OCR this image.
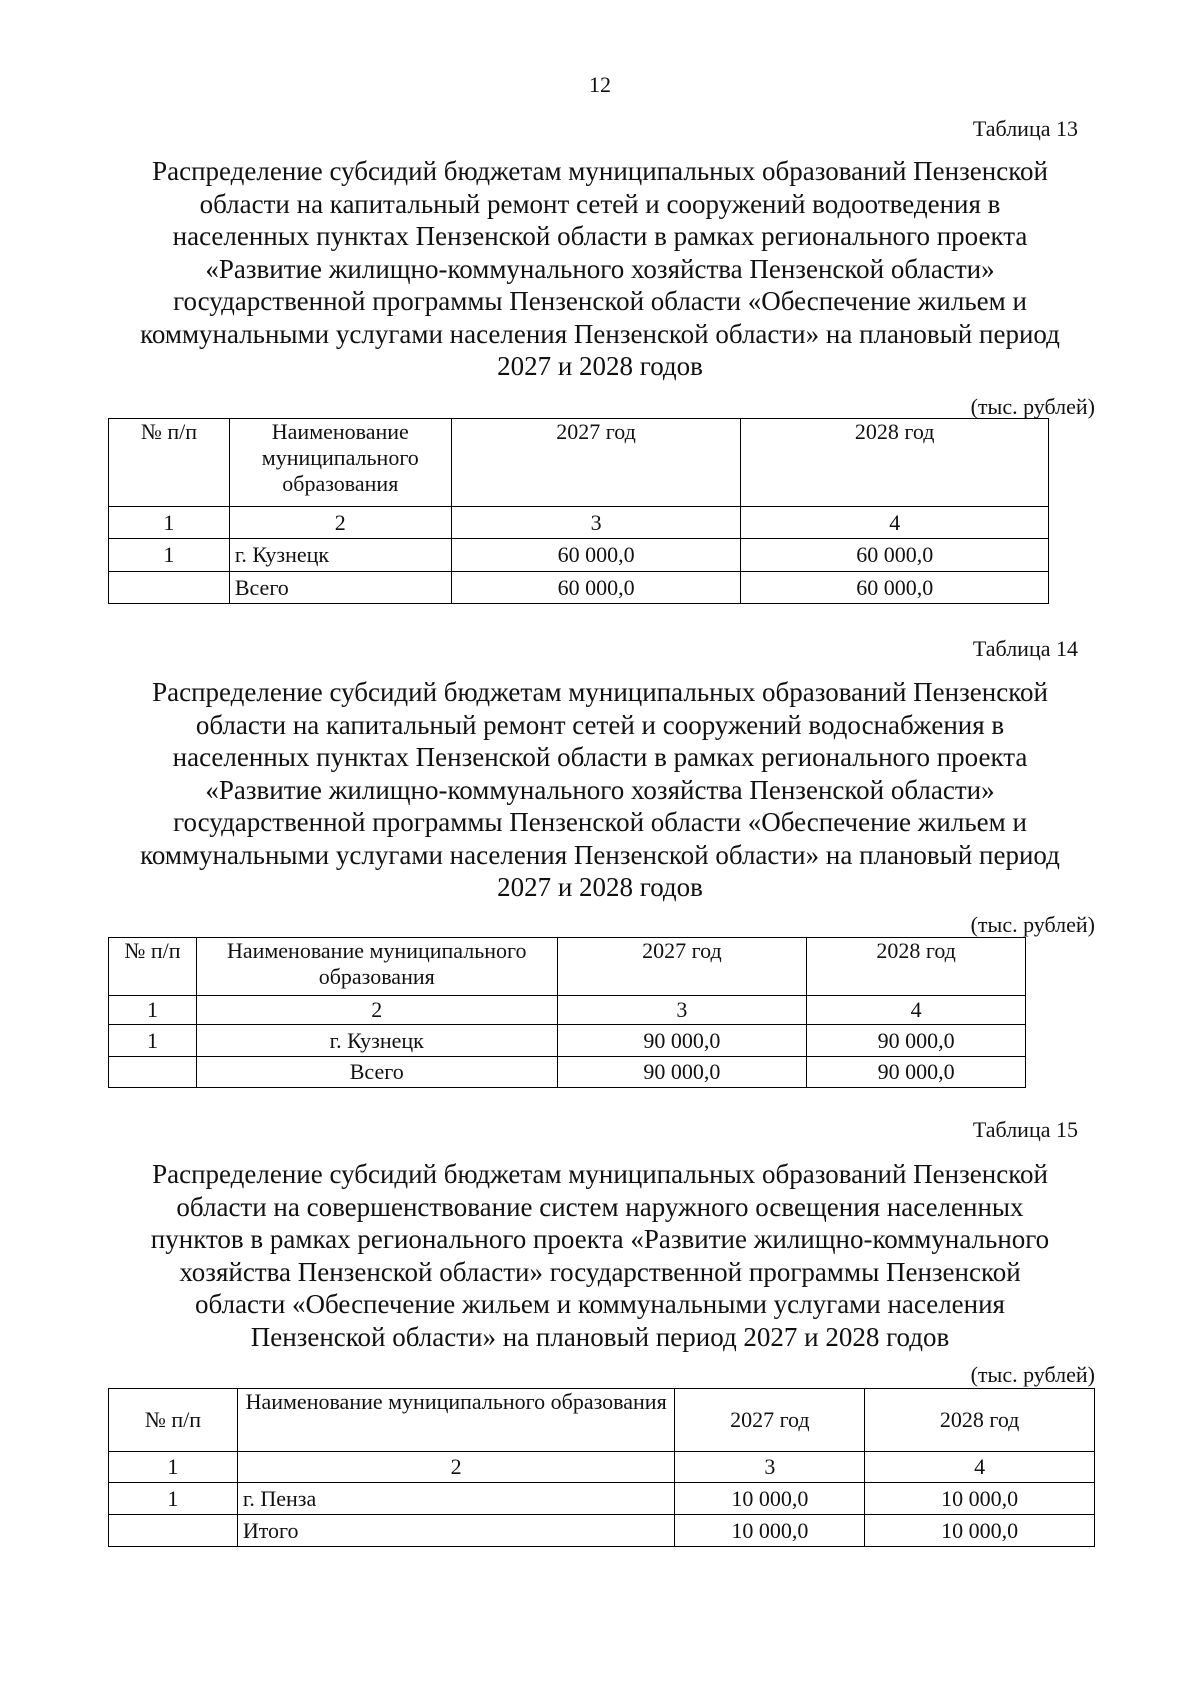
12
Таблица 13
Распределение субсидий бюджетам муниципальных образований Пензенской
области на капитальный ремонт сетей и сооружений водоотведения в
населенных пунктах Пензенской области в рамках регионального проекта
«Развитие жилищно-коммунального хозяйства Пензенской области»
государственной программы Пензенской области «Обеспечение жильем и
коммунальными услугами населения Пензенской области» на плановый период
2027 и 2028 годов
(тыс. рублей)
№ п/п	Наименование муниципального образования	2027 год	2028 год
1	2	3	4
1	г. Кузнецк	60 000,0	60 000,0
	Всего	60 000,0	60 000,0
Таблица 14
Распределение субсидий бюджетам муниципальных образований Пензенской
области на капитальный ремонт сетей и сооружений водоснабжения в
населенных пунктах Пензенской области в рамках регионального проекта
«Развитие жилищно-коммунального хозяйства Пензенской области»
государственной программы Пензенской области «Обеспечение жильем и
коммунальными услугами населения Пензенской области» на плановый период
2027 и 2028 годов
(тыс. рублей)
№ п/п	Наименование муниципального образования	2027 год	2028 год
1	2	3	4
1	г. Кузнецк	90 000,0	90 000,0
	Всего	90 000,0	90 000,0
Таблица 15
Распределение субсидий бюджетам муниципальных образований Пензенской
области на совершенствование систем наружного освещения населенных
пунктов в рамках регионального проекта «Развитие жилищно-коммунального
хозяйства Пензенской области» государственной программы Пензенской
области «Обеспечение жильем и коммунальными услугами населения
Пензенской области» на плановый период 2027 и 2028 годов
(тыс. рублей)
№ п/п	Наименование муниципального образования	2027 год	2028 год
1	2	3	4
1	г. Пенза	10 000,0	10 000,0
	Итого	10 000,0	10 000,0
